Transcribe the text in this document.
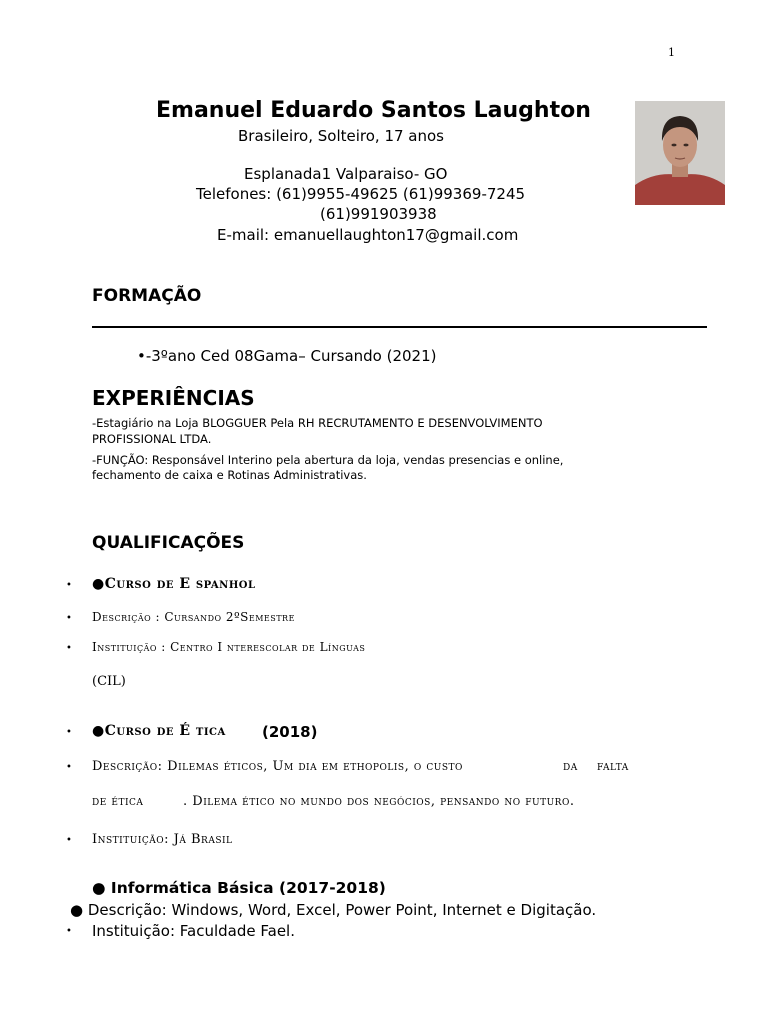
1
Emanuel Eduardo Santos Laughton
Brasileiro, Solteiro, 17 anos
Esplanada1 Valparaiso- GO
Telefones: (61)9955-49625 (61)99369-7245
(61)991903938
E-mail: emanuellaughton17@gmail.com
FORMAÇÃO
•-3ºano Ced 08Gama– Cursando (2021)
EXPERIÊNCIAS
-Estagiário na Loja BLOGGUER Pela RH RECRUTAMENTO E DESENVOLVIMENTO
PROFISSIONAL LTDA.
-FUNÇÃO: Responsável Interino pela abertura da loja, vendas presencias e online,
fechamento de caixa e Rotinas Administrativas.
QUALIFICAÇÕES
• ●Curso de E spanhol
• Descrição : Cursando 2ºSemestre
• Instituição : Centro I nterescolar de Línguas
(CIL)
• ●Curso de É tica (2018)
• Descrição: Dilemas éticos, Um dia em ethopolis, o custo	da falta
de ética	. Dilema ético no mundo dos negócios, pensando no futuro.
• Instituição: Já Brasil
● Informática Básica (2017-2018)
● Descrição: Windows, Word, Excel, Power Point, Internet e Digitação.
• Instituição: Faculdade Fael.
